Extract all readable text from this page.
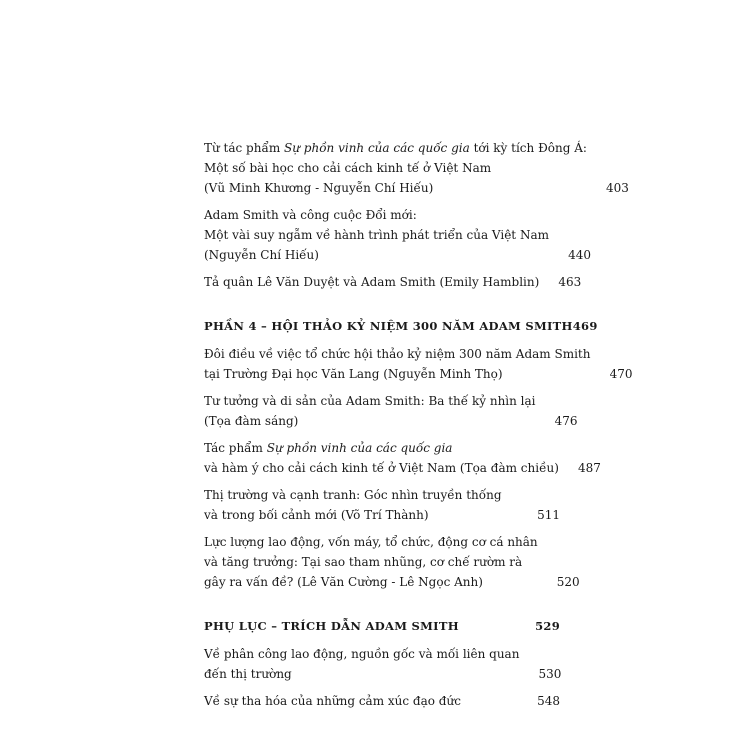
Từ tác phẩm Sự phồn vinh của các quốc gia tới kỳ tích Đông Á:
Một số bài học cho cải cách kinh tế ở Việt Nam
(Vũ Minh Khương - Nguyễn Chí Hiếu)	403
Adam Smith và công cuộc Đổi mới:
Một vài suy ngẫm về hành trình phát triển của Việt Nam
(Nguyễn Chí Hiếu)	440
Tả quân Lê Văn Duyệt và Adam Smith (Emily Hamblin)	463
PHẦN 4 – HỘI THẢO KỶ NIỆM 300 NĂM ADAM SMITH 469
Đôi điều về việc tổ chức hội thảo kỷ niệm 300 năm Adam Smith
tại Trường Đại học Văn Lang (Nguyễn Minh Thọ)	470
Tư tưởng và di sản của Adam Smith: Ba thế kỷ nhìn lại
(Tọa đàm sáng)	476
Tác phẩm Sự phồn vinh của các quốc gia
và hàm ý cho cải cách kinh tế ở Việt Nam (Tọa đàm chiều)	487
Thị trường và cạnh tranh: Góc nhìn truyền thống
và trong bối cảnh mới (Võ Trí Thành)	511
Lực lượng lao động, vốn máy, tổ chức, động cơ cá nhân
và tăng trưởng: Tại sao tham nhũng, cơ chế rườm rà
gây ra vấn đề? (Lê Văn Cường - Lê Ngọc Anh)	520
PHỤ LỤC – TRÍCH DẪN ADAM SMITH	529
Về phân công lao động, nguồn gốc và mối liên quan
đến thị trường	530
Về sự tha hóa của những cảm xúc đạo đức	548
